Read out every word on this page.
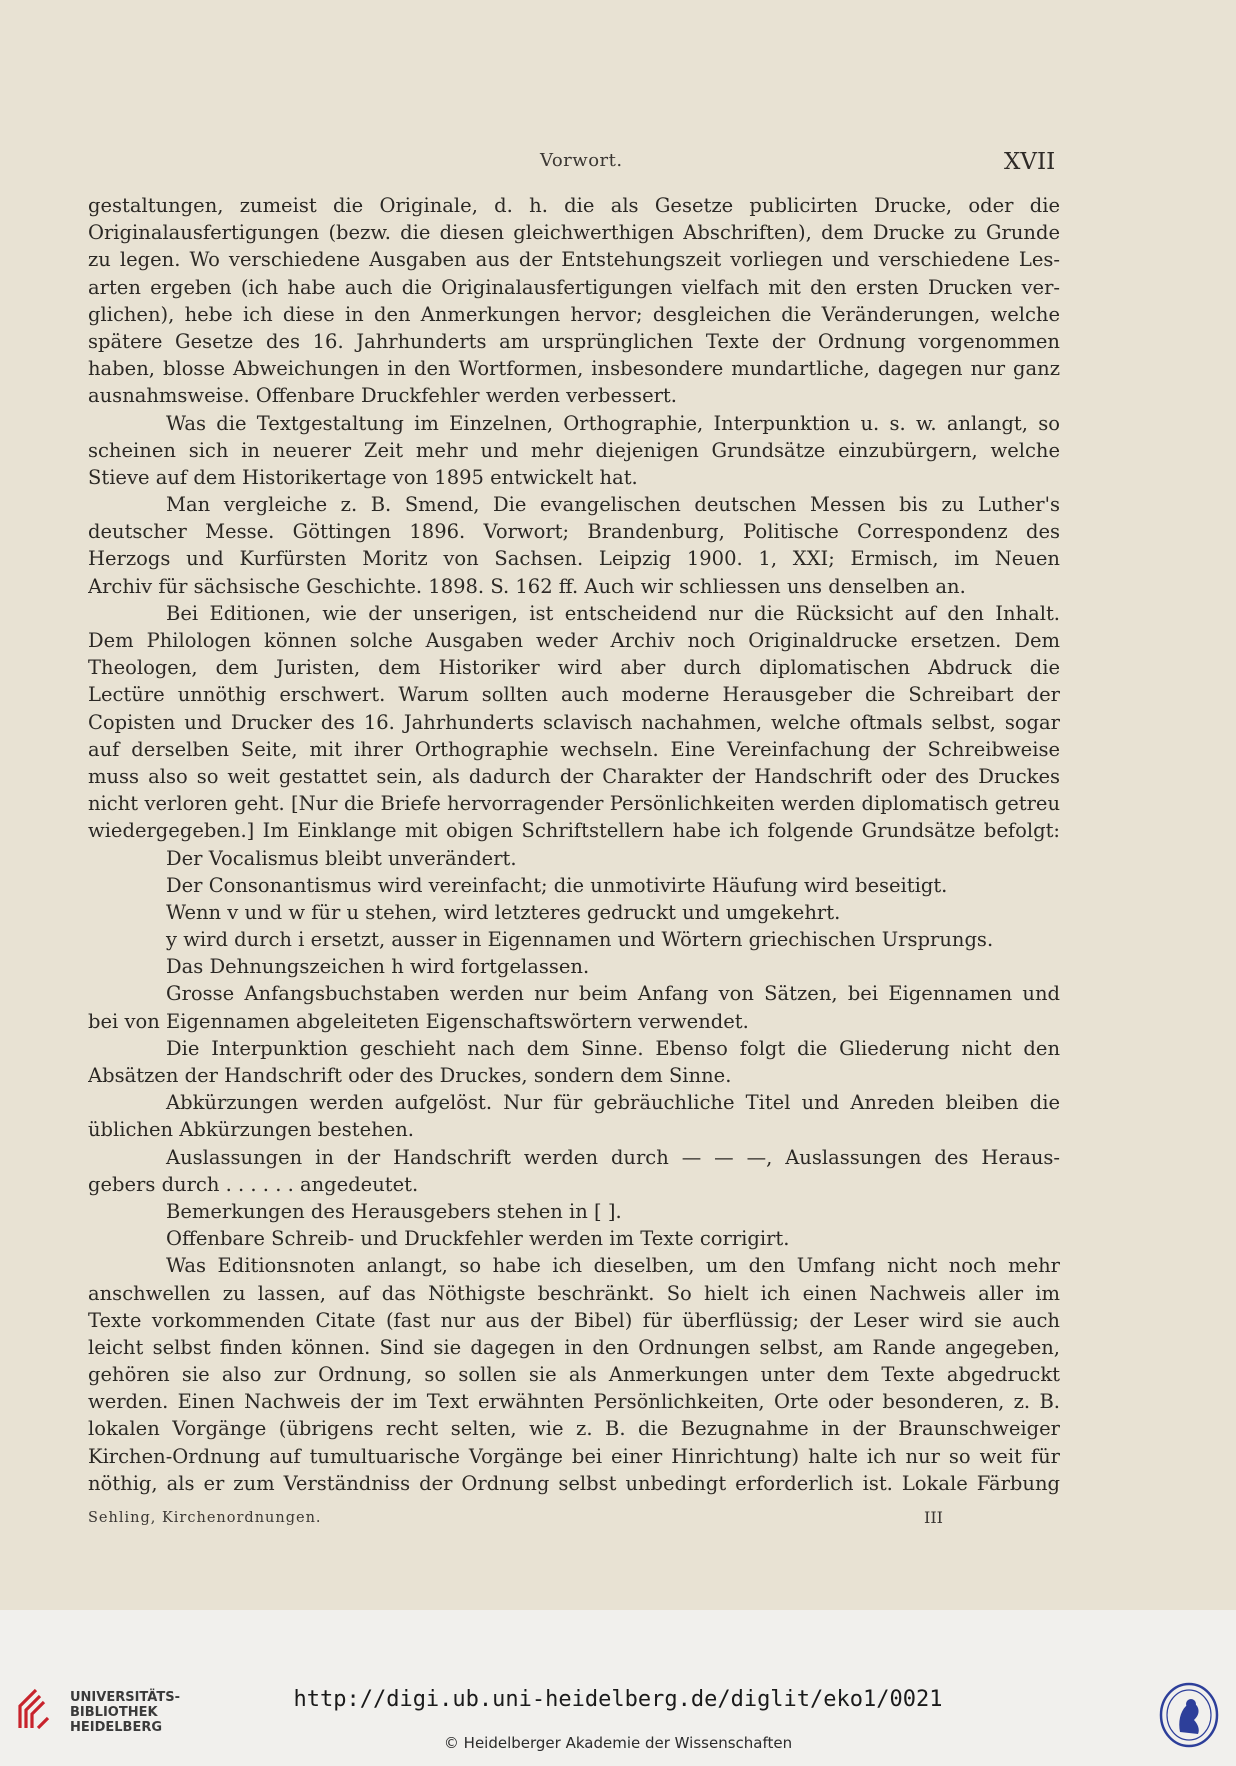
Vorwort.	XVII
gestaltungen, zumeist die Originale, d. h. die als Gesetze publicirten Drucke, oder die
Originalausfertigungen (bezw. die diesen gleichwerthigen Abschriften), dem Drucke zu Grunde
zu legen. Wo verschiedene Ausgaben aus der Entstehungszeit vorliegen und verschiedene Les-
arten ergeben (ich habe auch die Originalausfertigungen vielfach mit den ersten Drucken ver-
glichen), hebe ich diese in den Anmerkungen hervor; desgleichen die Veränderungen, welche
spätere Gesetze des 16. Jahrhunderts am ursprünglichen Texte der Ordnung vorgenommen
haben, blosse Abweichungen in den Wortformen, insbesondere mundartliche, dagegen nur ganz
ausnahmsweise. Offenbare Druckfehler werden verbessert.
Was die Textgestaltung im Einzelnen, Orthographie, Interpunktion u. s. w. anlangt, so
scheinen sich in neuerer Zeit mehr und mehr diejenigen Grundsätze einzubürgern, welche
Stieve auf dem Historikertage von 1895 entwickelt hat.
Man vergleiche z. B. Smend, Die evangelischen deutschen Messen bis zu Luther's
deutscher Messe. Göttingen 1896. Vorwort; Brandenburg, Politische Correspondenz des
Herzogs und Kurfürsten Moritz von Sachsen. Leipzig 1900. 1, XXI; Ermisch, im Neuen
Archiv für sächsische Geschichte. 1898. S. 162 ff. Auch wir schliessen uns denselben an.
Bei Editionen, wie der unserigen, ist entscheidend nur die Rücksicht auf den Inhalt.
Dem Philologen können solche Ausgaben weder Archiv noch Originaldrucke ersetzen. Dem
Theologen, dem Juristen, dem Historiker wird aber durch diplomatischen Abdruck die
Lectüre unnöthig erschwert. Warum sollten auch moderne Herausgeber die Schreibart der
Copisten und Drucker des 16. Jahrhunderts sclavisch nachahmen, welche oftmals selbst, sogar
auf derselben Seite, mit ihrer Orthographie wechseln. Eine Vereinfachung der Schreibweise
muss also so weit gestattet sein, als dadurch der Charakter der Handschrift oder des Druckes
nicht verloren geht. [Nur die Briefe hervorragender Persönlichkeiten werden diplomatisch getreu
wiedergegeben.] Im Einklange mit obigen Schriftstellern habe ich folgende Grundsätze befolgt:
Der Vocalismus bleibt unverändert.
Der Consonantismus wird vereinfacht; die unmotivirte Häufung wird beseitigt.
Wenn v und w für u stehen, wird letzteres gedruckt und umgekehrt.
y wird durch i ersetzt, ausser in Eigennamen und Wörtern griechischen Ursprungs.
Das Dehnungszeichen h wird fortgelassen.
Grosse Anfangsbuchstaben werden nur beim Anfang von Sätzen, bei Eigennamen und
bei von Eigennamen abgeleiteten Eigenschaftswörtern verwendet.
Die Interpunktion geschieht nach dem Sinne. Ebenso folgt die Gliederung nicht den
Absätzen der Handschrift oder des Druckes, sondern dem Sinne.
Abkürzungen werden aufgelöst. Nur für gebräuchliche Titel und Anreden bleiben die
üblichen Abkürzungen bestehen.
Auslassungen in der Handschrift werden durch — — —, Auslassungen des Heraus-
gebers durch . . . . . . angedeutet.
Bemerkungen des Herausgebers stehen in [ ].
Offenbare Schreib- und Druckfehler werden im Texte corrigirt.
Was Editionsnoten anlangt, so habe ich dieselben, um den Umfang nicht noch mehr
anschwellen zu lassen, auf das Nöthigste beschränkt. So hielt ich einen Nachweis aller im
Texte vorkommenden Citate (fast nur aus der Bibel) für überflüssig; der Leser wird sie auch
leicht selbst finden können. Sind sie dagegen in den Ordnungen selbst, am Rande angegeben,
gehören sie also zur Ordnung, so sollen sie als Anmerkungen unter dem Texte abgedruckt
werden. Einen Nachweis der im Text erwähnten Persönlichkeiten, Orte oder besonderen, z. B.
lokalen Vorgänge (übrigens recht selten, wie z. B. die Bezugnahme in der Braunschweiger
Kirchen-Ordnung auf tumultuarische Vorgänge bei einer Hinrichtung) halte ich nur so weit für
nöthig, als er zum Verständniss der Ordnung selbst unbedingt erforderlich ist. Lokale Färbung
Sehling, Kirchenordnungen.	III
UNIVERSITÄTS-
BIBLIOTHEK
HEIDELBERG
http://digi.ub.uni-heidelberg.de/diglit/eko1/0021
© Heidelberger Akademie der Wissenschaften
